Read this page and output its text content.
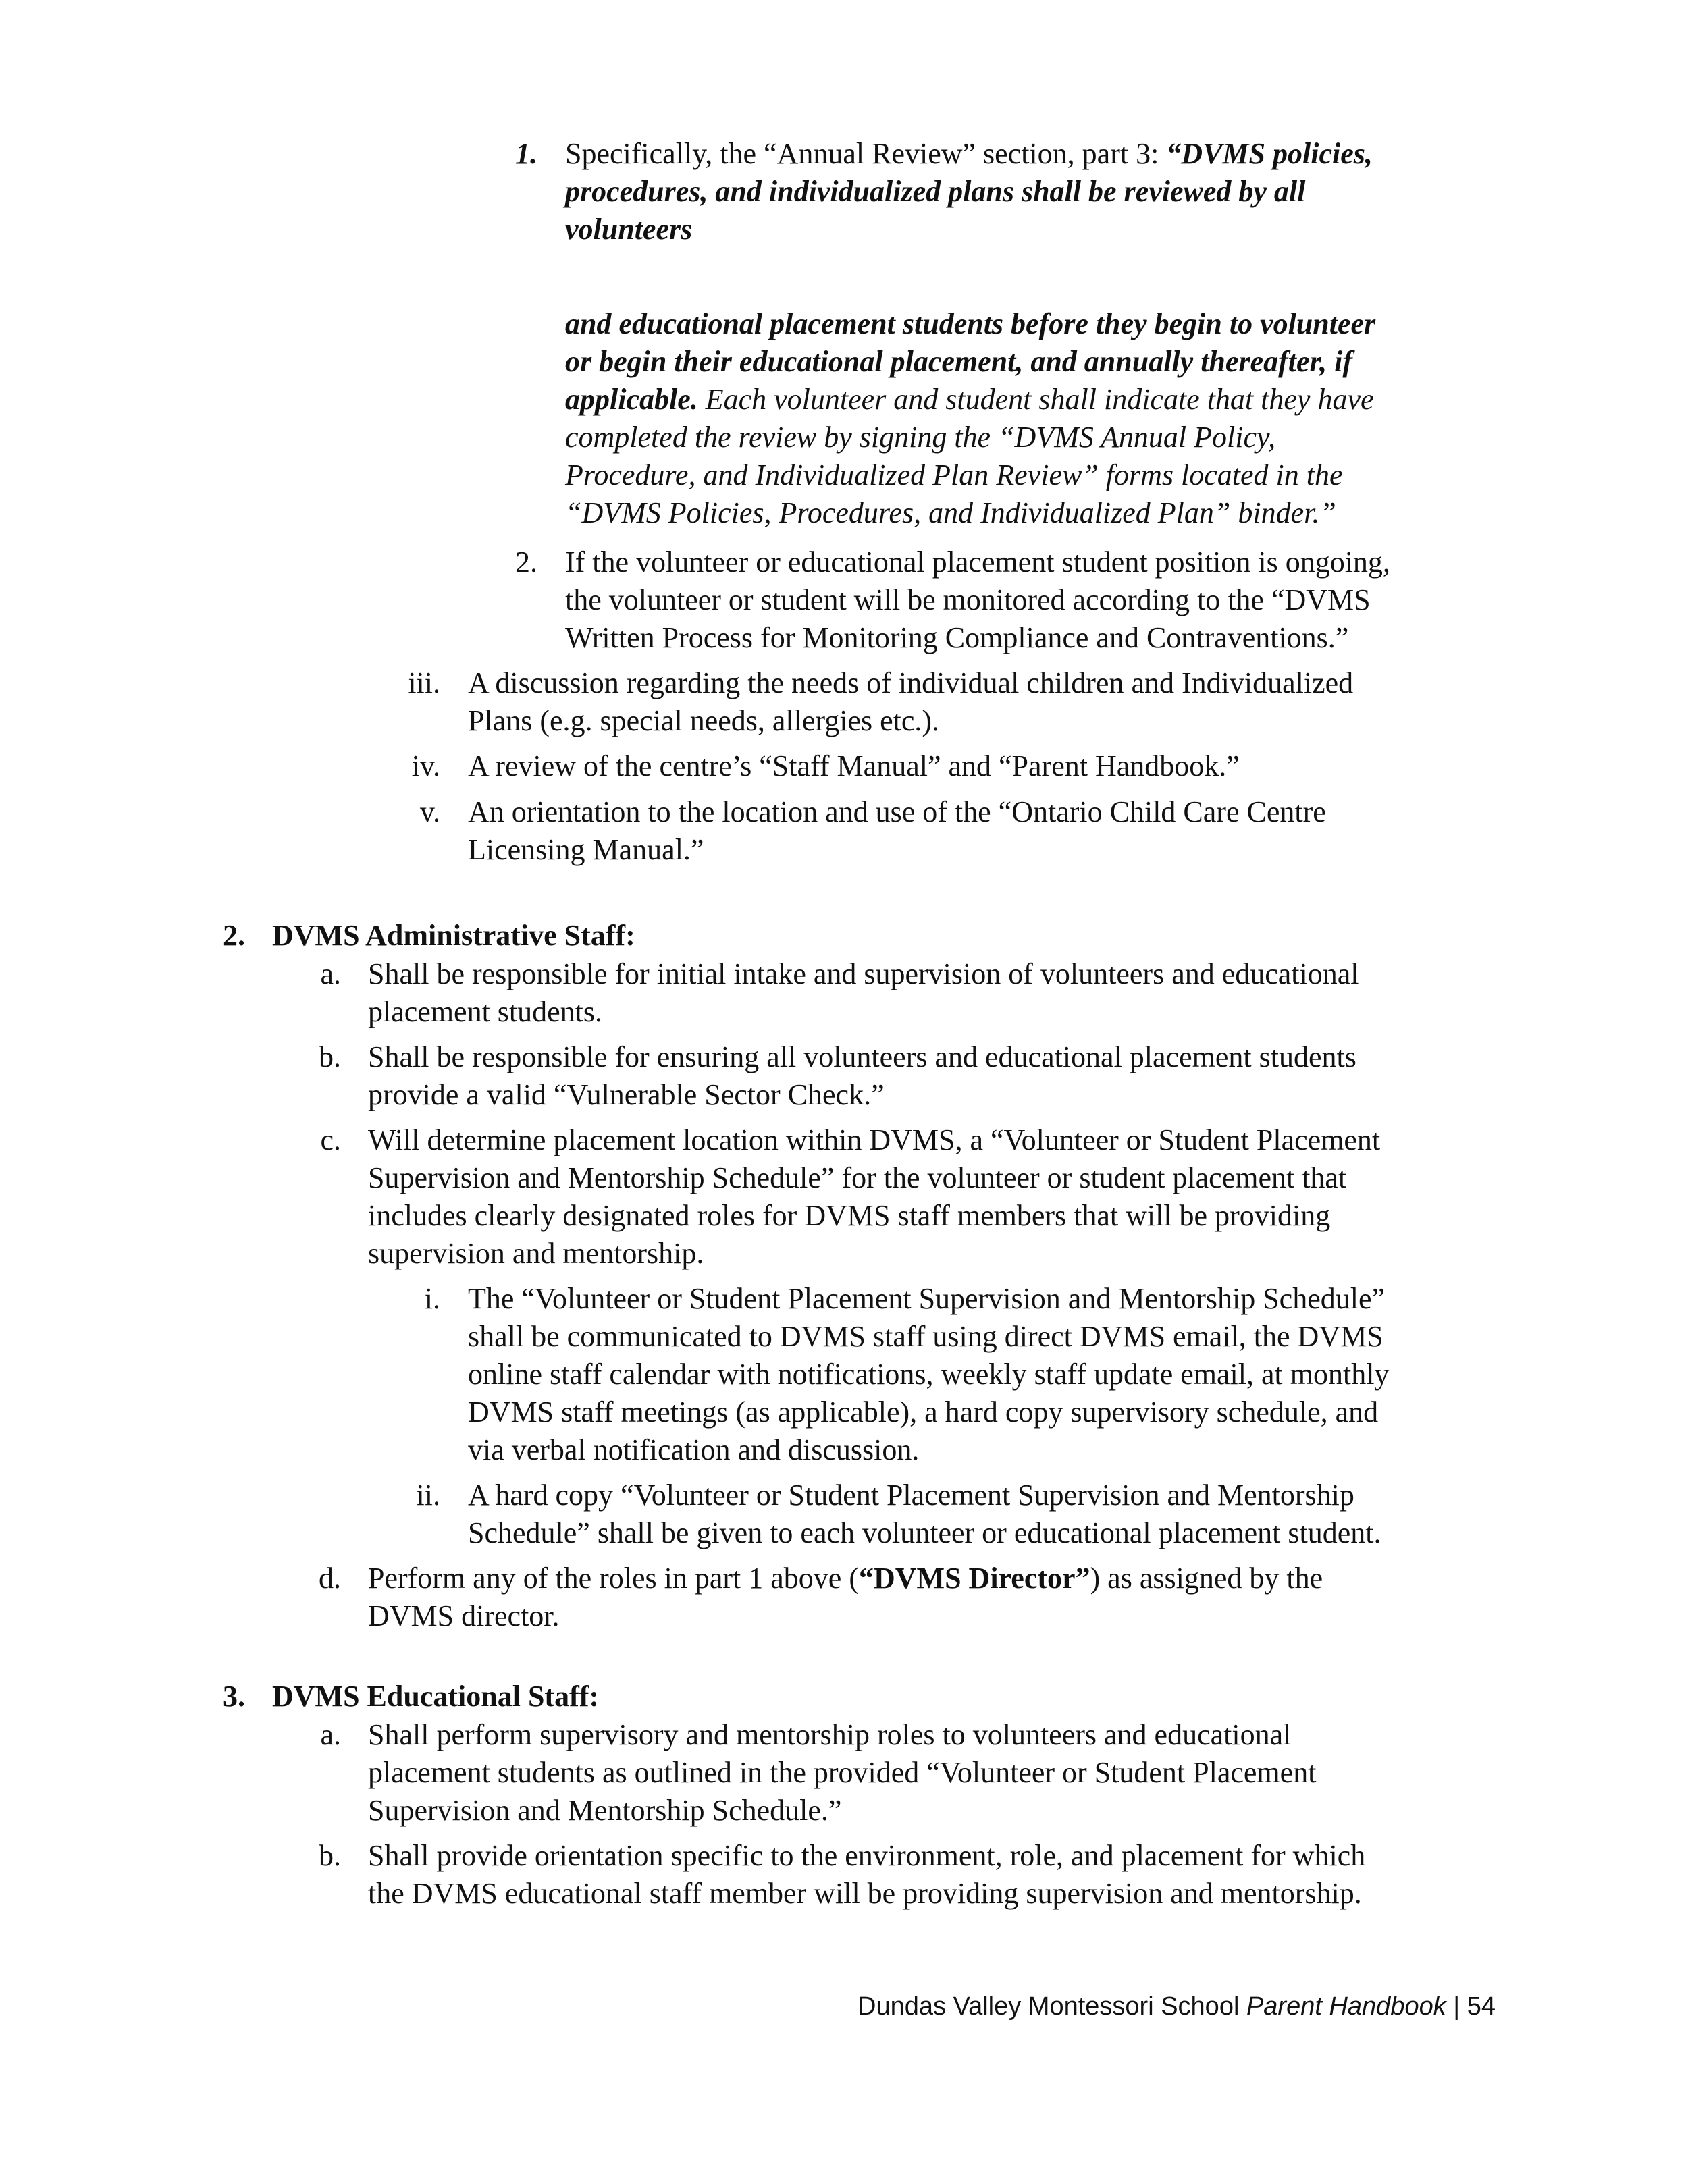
1. Specifically, the “Annual Review” section, part 3: “DVMS policies,
procedures, and individualized plans shall be reviewed by all
volunteers
and educational placement students before they begin to volunteer
or begin their educational placement, and annually thereafter, if
applicable. Each volunteer and student shall indicate that they have
completed the review by signing the “DVMS Annual Policy,
Procedure, and Individualized Plan Review” forms located in the
“DVMS Policies, Procedures, and Individualized Plan” binder.”
2. If the volunteer or educational placement student position is ongoing,
the volunteer or student will be monitored according to the “DVMS
Written Process for Monitoring Compliance and Contraventions.”
iii. A discussion regarding the needs of individual children and Individualized
Plans (e.g. special needs, allergies etc.).
iv. A review of the centre’s “Staff Manual” and “Parent Handbook.”
v. An orientation to the location and use of the “Ontario Child Care Centre
Licensing Manual.”
2. DVMS Administrative Staff:
a. Shall be responsible for initial intake and supervision of volunteers and educational
placement students.
b. Shall be responsible for ensuring all volunteers and educational placement students
provide a valid “Vulnerable Sector Check.”
c. Will determine placement location within DVMS, a “Volunteer or Student Placement
Supervision and Mentorship Schedule” for the volunteer or student placement that
includes clearly designated roles for DVMS staff members that will be providing
supervision and mentorship.
i. The “Volunteer or Student Placement Supervision and Mentorship Schedule”
shall be communicated to DVMS staff using direct DVMS email, the DVMS
online staff calendar with notifications, weekly staff update email, at monthly
DVMS staff meetings (as applicable), a hard copy supervisory schedule, and
via verbal notification and discussion.
ii. A hard copy “Volunteer or Student Placement Supervision and Mentorship
Schedule” shall be given to each volunteer or educational placement student.
d. Perform any of the roles in part 1 above (“DVMS Director”) as assigned by the
DVMS director.
3. DVMS Educational Staff:
a. Shall perform supervisory and mentorship roles to volunteers and educational
placement students as outlined in the provided “Volunteer or Student Placement
Supervision and Mentorship Schedule.”
b. Shall provide orientation specific to the environment, role, and placement for which
the DVMS educational staff member will be providing supervision and mentorship.
Dundas Valley Montessori School Parent Handbook | 54
